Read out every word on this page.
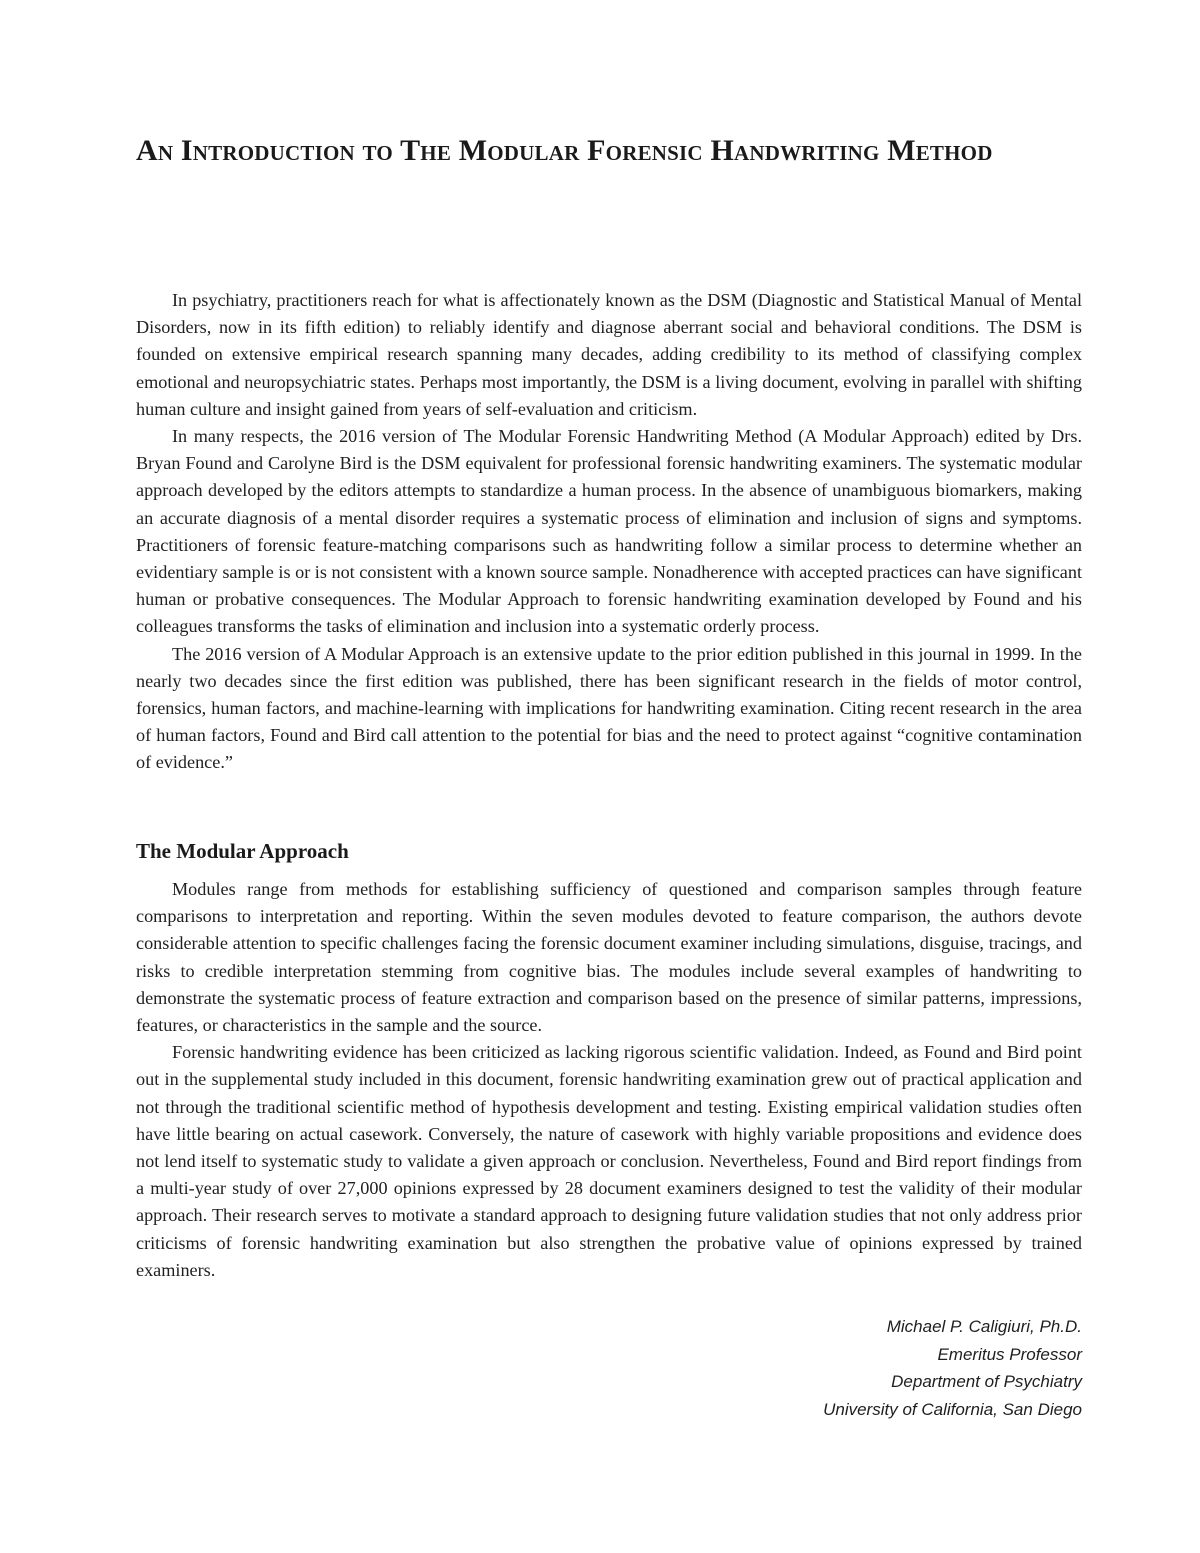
An Introduction to The Modular Forensic Handwriting Method

In psychiatry, practitioners reach for what is affectionately known as the DSM (Diagnostic and Statistical Manual of Mental Disorders, now in its fifth edition) to reliably identify and diagnose aberrant social and behavioral conditions. The DSM is founded on extensive empirical research spanning many decades, adding credibility to its method of classifying complex emotional and neuropsychiatric states. Perhaps most importantly, the DSM is a living document, evolving in parallel with shifting human culture and insight gained from years of self-evaluation and criticism.

In many respects, the 2016 version of The Modular Forensic Handwriting Method (A Modular Approach) edited by Drs. Bryan Found and Carolyne Bird is the DSM equivalent for professional forensic handwriting examiners. The systematic modular approach developed by the editors attempts to standardize a human process. In the absence of unambiguous biomarkers, making an accurate diagnosis of a mental disorder requires a systematic process of elimination and inclusion of signs and symptoms. Practitioners of forensic feature-matching comparisons such as handwriting follow a similar process to determine whether an evidentiary sample is or is not consistent with a known source sample. Nonadherence with accepted practices can have significant human or probative consequences. The Modular Approach to forensic handwriting examination developed by Found and his colleagues transforms the tasks of elimination and inclusion into a systematic orderly process.

The 2016 version of A Modular Approach is an extensive update to the prior edition published in this journal in 1999. In the nearly two decades since the first edition was published, there has been significant research in the fields of motor control, forensics, human factors, and machine-learning with implications for handwriting examination. Citing recent research in the area of human factors, Found and Bird call attention to the potential for bias and the need to protect against “cognitive contamination of evidence.”

The Modular Approach

Modules range from methods for establishing sufficiency of questioned and comparison samples through feature comparisons to interpretation and reporting. Within the seven modules devoted to feature comparison, the authors devote considerable attention to specific challenges facing the forensic document examiner including simulations, disguise, tracings, and risks to credible interpretation stemming from cognitive bias. The modules include several examples of handwriting to demonstrate the systematic process of feature extraction and comparison based on the presence of similar patterns, impressions, features, or characteristics in the sample and the source.

Forensic handwriting evidence has been criticized as lacking rigorous scientific validation. Indeed, as Found and Bird point out in the supplemental study included in this document, forensic handwriting examination grew out of practical application and not through the traditional scientific method of hypothesis development and testing. Existing empirical validation studies often have little bearing on actual casework. Conversely, the nature of casework with highly variable propositions and evidence does not lend itself to systematic study to validate a given approach or conclusion. Nevertheless, Found and Bird report findings from a multi-year study of over 27,000 opinions expressed by 28 document examiners designed to test the validity of their modular approach. Their research serves to motivate a standard approach to designing future validation studies that not only address prior criticisms of forensic handwriting examination but also strengthen the probative value of opinions expressed by trained examiners.

Michael P. Caligiuri, Ph.D.
Emeritus Professor
Department of Psychiatry
University of California, San Diego
